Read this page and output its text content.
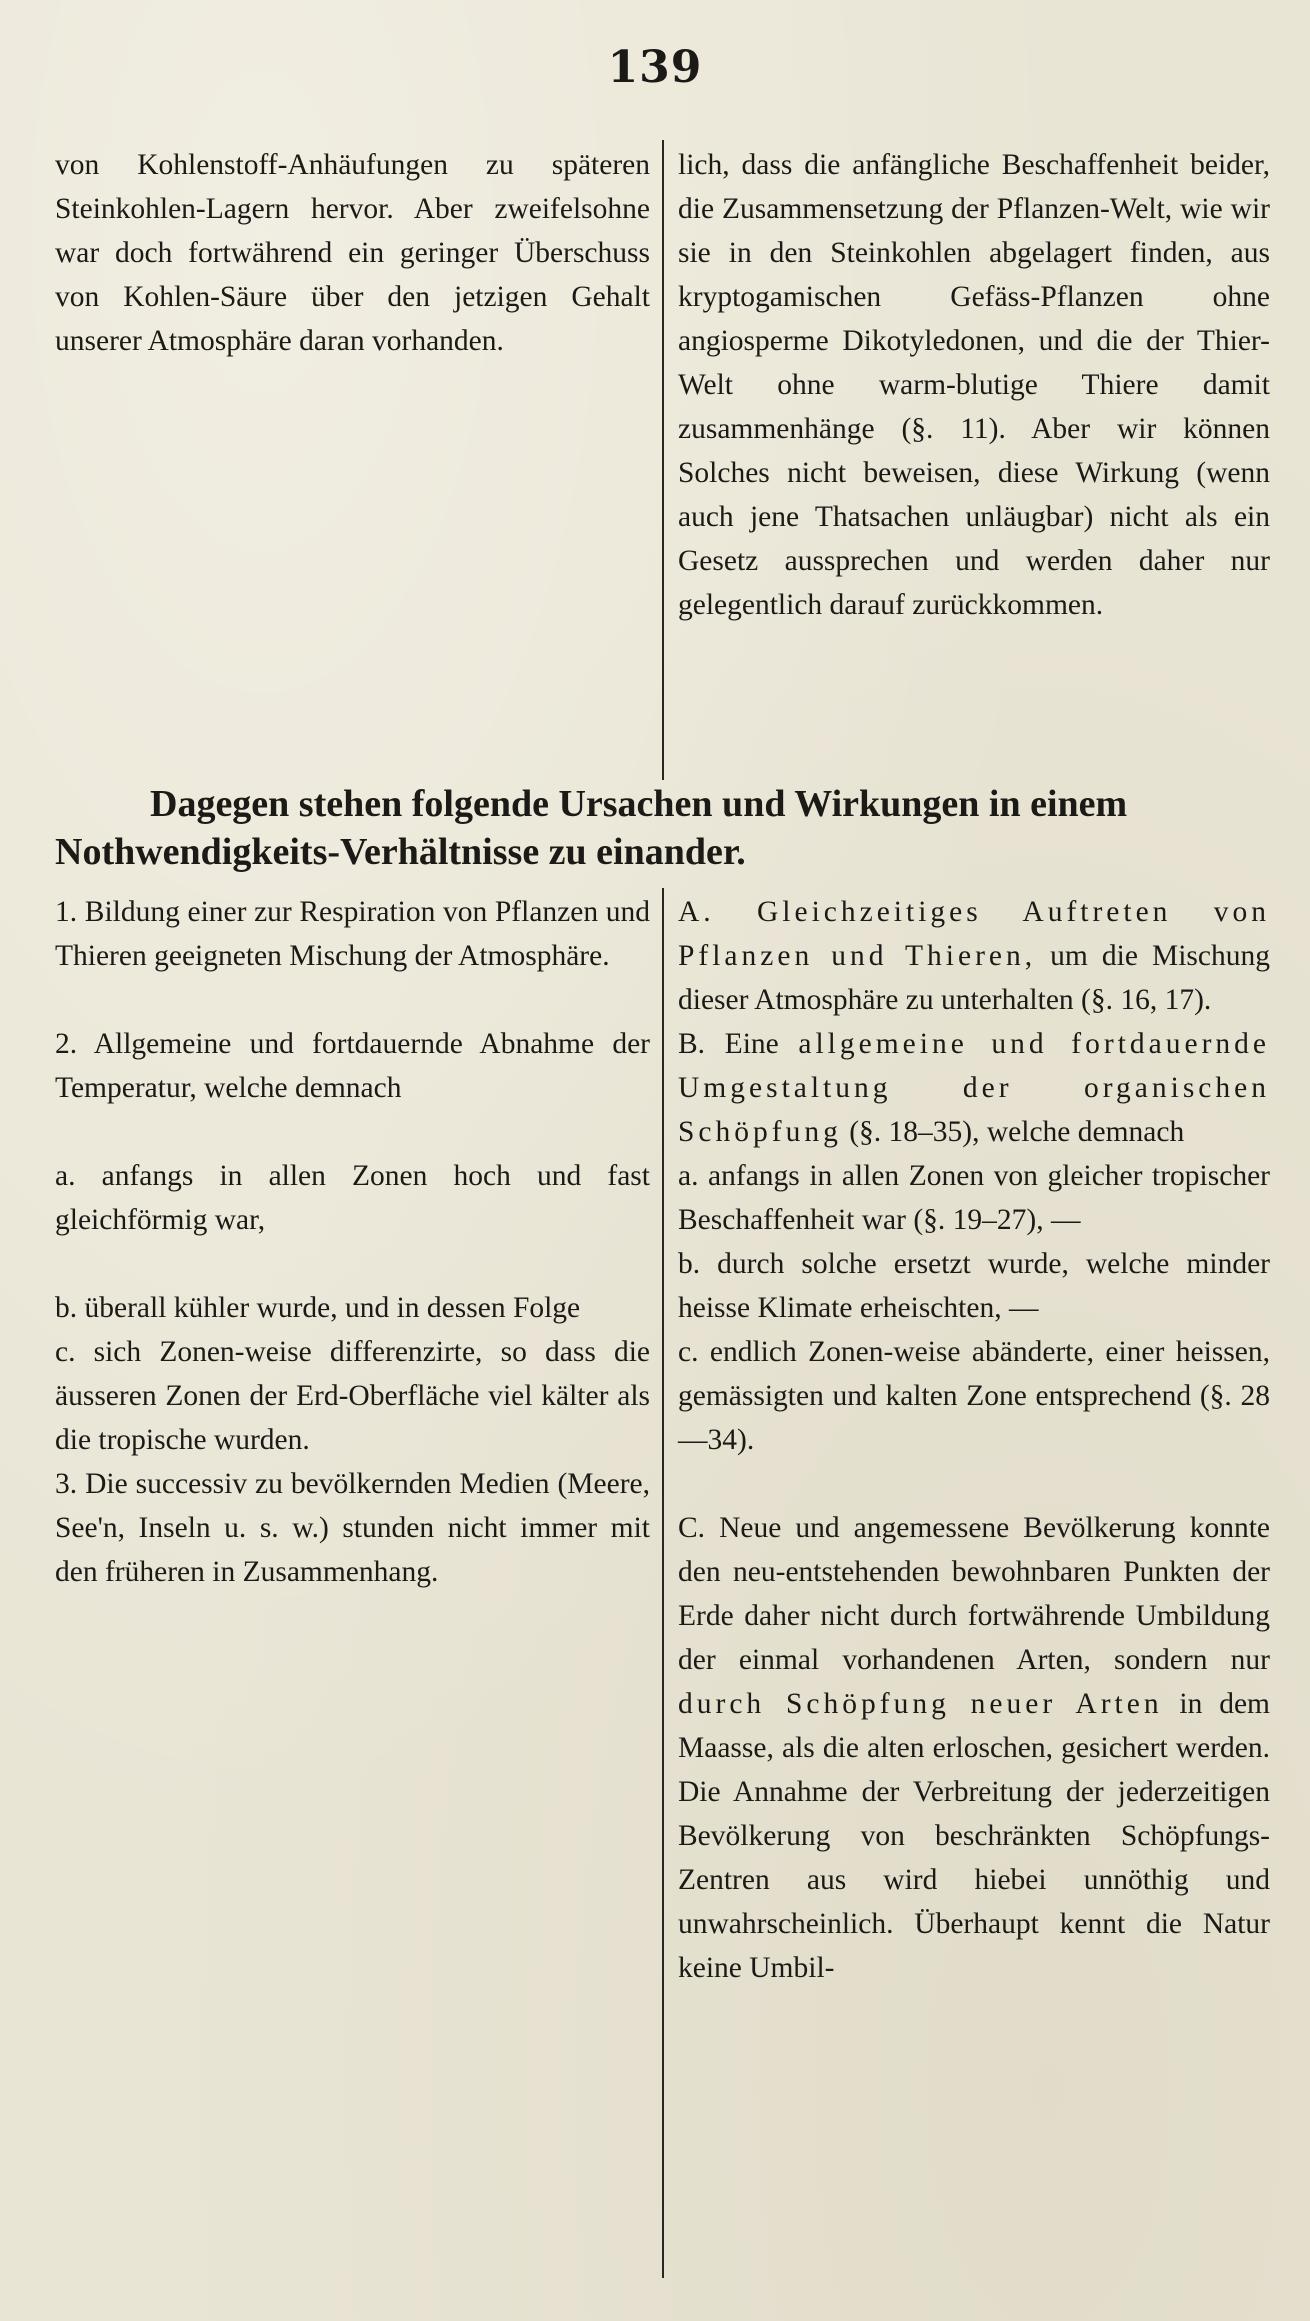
139

von Kohlenstoff-Anhäufungen zu späteren Steinkohlen-Lagern hervor. Aber zweifelsohne war doch fortwährend ein geringer Überschuss von Kohlen-Säure über den jetzigen Gehalt unserer Atmosphäre daran vorhanden.

lich, dass die anfängliche Beschaffenheit beider, die Zusammensetzung der Pflanzen-Welt, wie wir sie in den Steinkohlen abgelagert finden, aus kryptogamischen Gefäss-Pflanzen ohne angiosperme Dikotyledonen, und die der Thier-Welt ohne warm-blutige Thiere damit zusammenhänge (§. 11). Aber wir können Solches nicht beweisen, diese Wirkung (wenn auch jene Thatsachen unläugbar) nicht als ein Gesetz aussprechen und werden daher nur gelegentlich darauf zurückkommen.

Dagegen stehen folgende Ursachen und Wirkungen in einem
Nothwendigkeits-Verhältnisse zu einander.

1. Bildung einer zur Respiration von Pflanzen und Thieren geeigneten Mischung der Atmosphäre.

2. Allgemeine und fortdauernde Abnahme der Temperatur, welche demnach

a. anfangs in allen Zonen hoch und fast gleichförmig war,

b. überall kühler wurde, und in dessen Folge

c. sich Zonen-weise differenzirte, so dass die äusseren Zonen der Erd-Oberfläche viel kälter als die tropische wurden.

3. Die successiv zu bevölkernden Medien (Meere, See'n, Inseln u. s. w.) stunden nicht immer mit den früheren in Zusammenhang.

A. Gleichzeitiges Auftreten von Pflanzen und Thieren, um die Mischung dieser Atmosphäre zu unterhalten (§. 16, 17).

B. Eine allgemeine und fortdauernde Umgestaltung der organischen Schöpfung (§. 18–35), welche demnach

a. anfangs in allen Zonen von gleicher tropischer Beschaffenheit war (§. 19–27), —

b. durch solche ersetzt wurde, welche minder heisse Klimate erheischten, —

c. endlich Zonen-weise abänderte, einer heissen, gemässigten und kalten Zone entsprechend (§. 28—34).

C. Neue und angemessene Bevölkerung konnte den neu-entstehenden bewohnbaren Punkten der Erde daher nicht durch fortwährende Umbildung der einmal vorhandenen Arten, sondern nur durch Schöpfung neuer Arten in dem Maasse, als die alten erloschen, gesichert werden. Die Annahme der Verbreitung der jederzeitigen Bevölkerung von beschränkten Schöpfungs-Zentren aus wird hiebei unnöthig und unwahrscheinlich. Überhaupt kennt die Natur keine Umbil-
